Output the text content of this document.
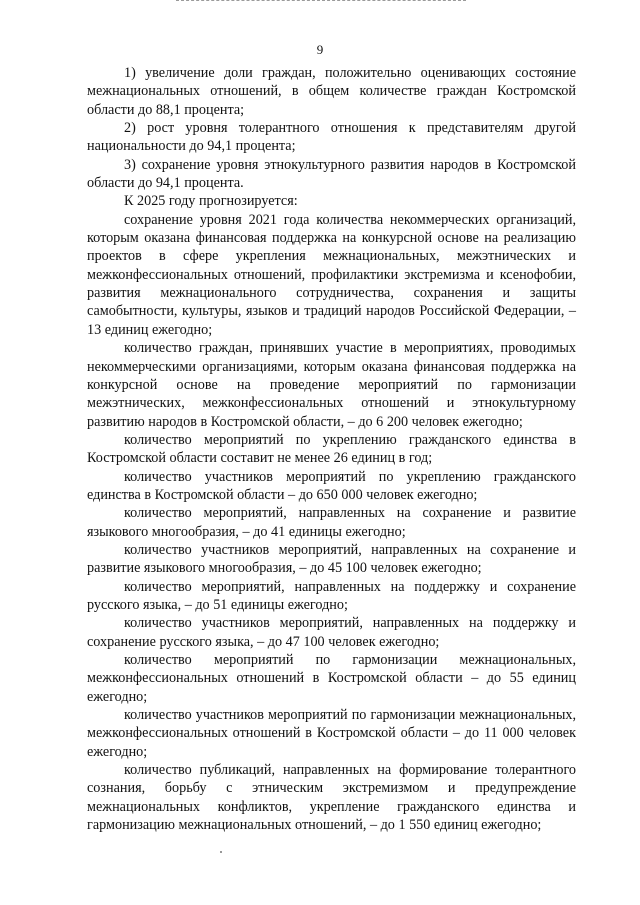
9

1) увеличение доли граждан, положительно оценивающих состояние межнациональных отношений, в общем количестве граждан Костромской области до 88,1 процента;

2) рост уровня толерантного отношения к представителям другой национальности до 94,1 процента;

3) сохранение уровня этнокультурного развития народов в Костромской области до 94,1 процента.

К 2025 году прогнозируется:

сохранение уровня 2021 года количества некоммерческих организаций, которым оказана финансовая поддержка на конкурсной основе на реализацию проектов в сфере укрепления межнациональных, межэтнических и межконфессиональных отношений, профилактики экстремизма и ксенофобии, развития межнационального сотрудничества, сохранения и защиты самобытности, культуры, языков и традиций народов Российской Федерации, – 13 единиц ежегодно;

количество граждан, принявших участие в мероприятиях, проводимых некоммерческими организациями, которым оказана финансовая поддержка на конкурсной основе на проведение мероприятий по гармонизации межэтнических, межконфессиональных отношений и этнокультурному развитию народов в Костромской области, – до 6 200 человек ежегодно;

количество мероприятий по укреплению гражданского единства в Костромской области составит не менее 26 единиц в год;

количество участников мероприятий по укреплению гражданского единства в Костромской области – до 650 000 человек ежегодно;

количество мероприятий, направленных на сохранение и развитие языкового многообразия, – до 41 единицы ежегодно;

количество участников мероприятий, направленных на сохранение и развитие языкового многообразия, – до 45 100 человек ежегодно;

количество мероприятий, направленных на поддержку и сохранение русского языка, – до 51 единицы ежегодно;

количество участников мероприятий, направленных на поддержку и сохранение русского языка, – до 47 100 человек ежегодно;

количество мероприятий по гармонизации межнациональных, межконфессиональных отношений в Костромской области – до 55 единиц ежегодно;

количество участников мероприятий по гармонизации межнациональных, межконфессиональных отношений в Костромской области – до 11 000 человек ежегодно;

количество публикаций, направленных на формирование толерантного сознания, борьбу с этническим экстремизмом и предупреждение межнациональных конфликтов, укрепление гражданского единства и гармонизацию межнациональных отношений, – до 1 550 единиц ежегодно;
